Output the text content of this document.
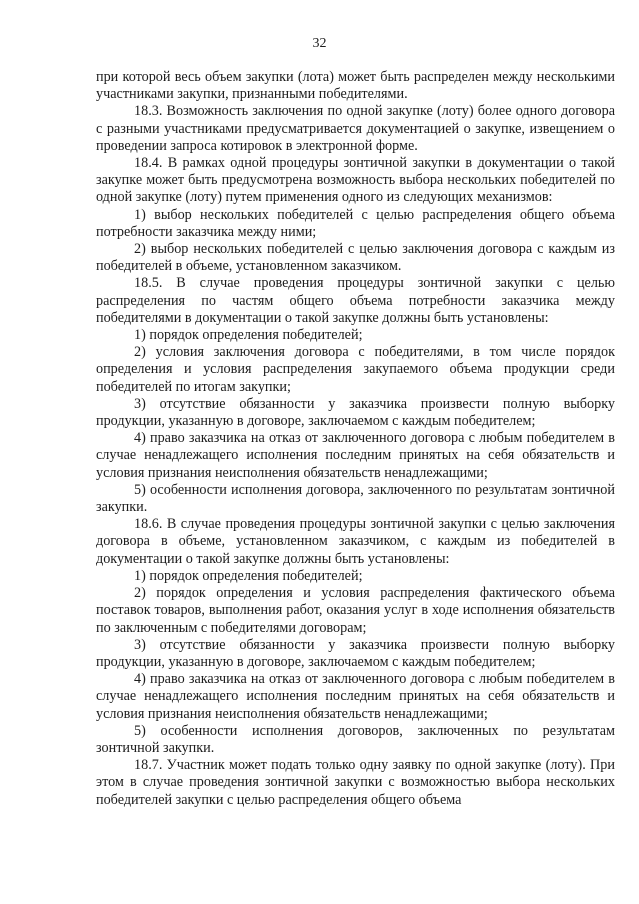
32

при которой весь объем закупки (лота) может быть распределен между несколькими участниками закупки, признанными победителями.

18.3. Возможность заключения по одной закупке (лоту) более одного договора с разными участниками предусматривается документацией о закупке, извещением о проведении запроса котировок в электронной форме.

18.4. В рамках одной процедуры зонтичной закупки в документации о такой закупке может быть предусмотрена возможность выбора нескольких победителей по одной закупке (лоту) путем применения одного из следующих механизмов:

1) выбор нескольких победителей с целью распределения общего объема потребности заказчика между ними;

2) выбор нескольких победителей с целью заключения договора с каждым из победителей в объеме, установленном заказчиком.

18.5. В случае проведения процедуры зонтичной закупки с целью распределения по частям общего объема потребности заказчика между победителями в документации о такой закупке должны быть установлены:

1) порядок определения победителей;

2) условия заключения договора с победителями, в том числе порядок определения и условия распределения закупаемого объема продукции среди победителей по итогам закупки;

3) отсутствие обязанности у заказчика произвести полную выборку продукции, указанную в договоре, заключаемом с каждым победителем;

4) право заказчика на отказ от заключенного договора с любым победителем в случае ненадлежащего исполнения последним принятых на себя обязательств и условия признания неисполнения обязательств ненадлежащими;

5) особенности исполнения договора, заключенного по результатам зонтичной закупки.

18.6. В случае проведения процедуры зонтичной закупки с целью заключения договора в объеме, установленном заказчиком, с каждым из победителей в документации о такой закупке должны быть установлены:

1) порядок определения победителей;

2) порядок определения и условия распределения фактического объема поставок товаров, выполнения работ, оказания услуг в ходе исполнения обязательств по заключенным с победителями договорам;

3) отсутствие обязанности у заказчика произвести полную выборку продукции, указанную в договоре, заключаемом с каждым победителем;

4) право заказчика на отказ от заключенного договора с любым победителем в случае ненадлежащего исполнения последним принятых на себя обязательств и условия признания неисполнения обязательств ненадлежащими;

5) особенности исполнения договоров, заключенных по результатам зонтичной закупки.

18.7. Участник может подать только одну заявку по одной закупке (лоту). При этом в случае проведения зонтичной закупки с возможностью выбора нескольких победителей закупки с целью распределения общего объема
